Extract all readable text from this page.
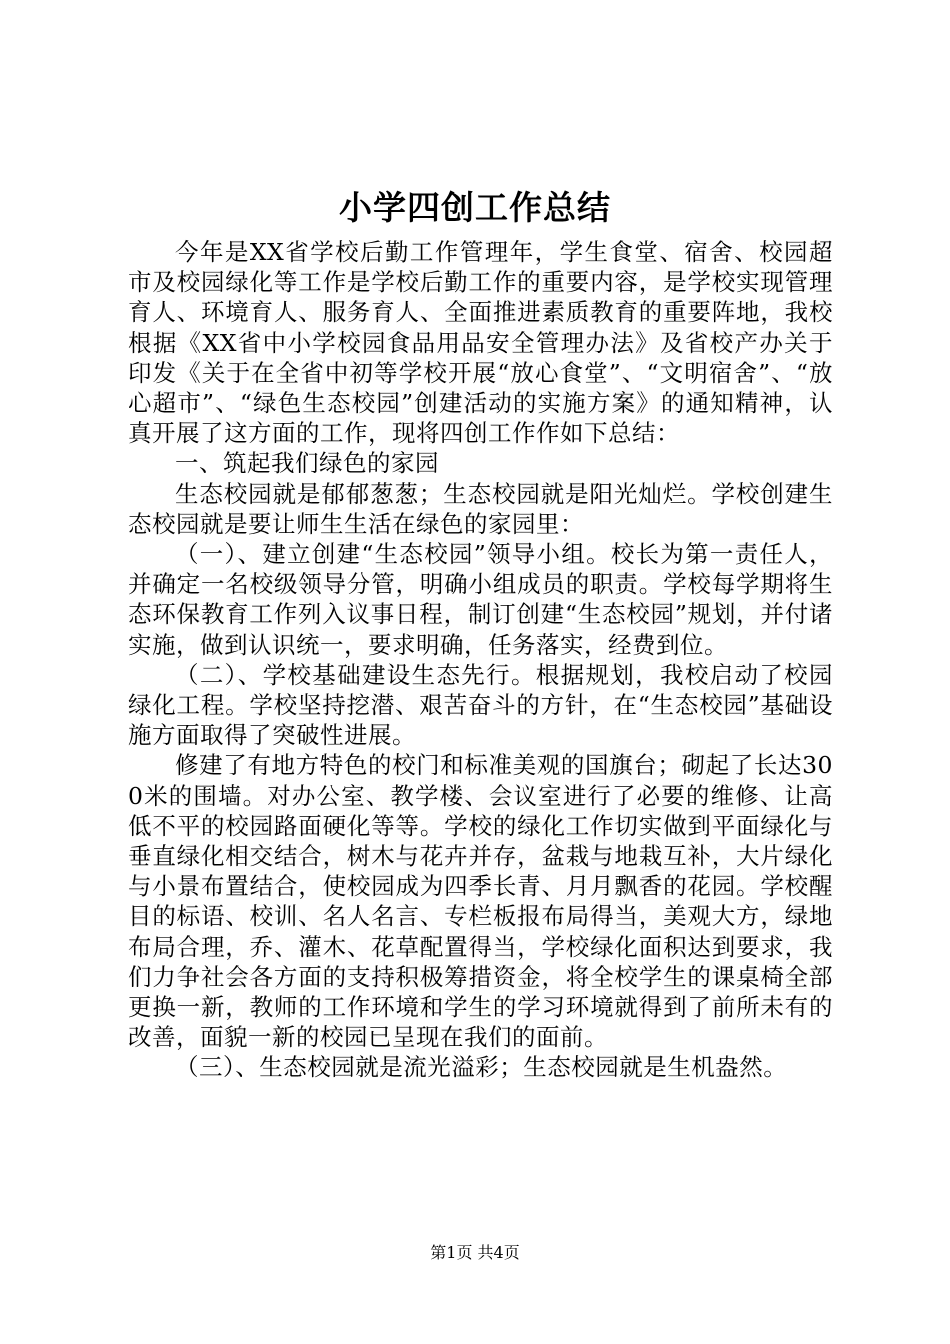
小学四创工作总结

今年是XX省学校后勤工作管理年，学生食堂、宿舍、校园超市及校园绿化等工作是学校后勤工作的重要内容，是学校实现管理育人、环境育人、服务育人、全面推进素质教育的重要阵地，我校根据《XX省中小学校园食品用品安全管理办法》及省校产办关于印发《关于在全省中初等学校开展“放心食堂”、“文明宿舍”、“放心超市”、“绿色生态校园”创建活动的实施方案》的通知精神，认真开展了这方面的工作，现将四创工作作如下总结：

一、筑起我们绿色的家园

生态校园就是郁郁葱葱；生态校园就是阳光灿烂。学校创建生态校园就是要让师生生活在绿色的家园里：

（一）、建立创建“生态校园”领导小组。校长为第一责任人，并确定一名校级领导分管，明确小组成员的职责。学校每学期将生态环保教育工作列入议事日程，制订创建“生态校园”规划，并付诸实施，做到认识统一，要求明确，任务落实，经费到位。

（二）、学校基础建设生态先行。根据规划，我校启动了校园绿化工程。学校坚持挖潜、艰苦奋斗的方针，在“生态校园”基础设施方面取得了突破性进展。

修建了有地方特色的校门和标准美观的国旗台；砌起了长达300米的围墙。对办公室、教学楼、会议室进行了必要的维修、让高低不平的校园路面硬化等等。学校的绿化工作切实做到平面绿化与垂直绿化相交结合，树木与花卉并存，盆栽与地栽互补，大片绿化与小景布置结合，使校园成为四季长青、月月飘香的花园。学校醒目的标语、校训、名人名言、专栏板报布局得当，美观大方，绿地布局合理，乔、灌木、花草配置得当，学校绿化面积达到要求，我们力争社会各方面的支持积极筹措资金，将全校学生的课桌椅全部更换一新，教师的工作环境和学生的学习环境就得到了前所未有的改善，面貌一新的校园已呈现在我们的面前。

（三）、生态校园就是流光溢彩；生态校园就是生机盎然。

第1页 共4页
